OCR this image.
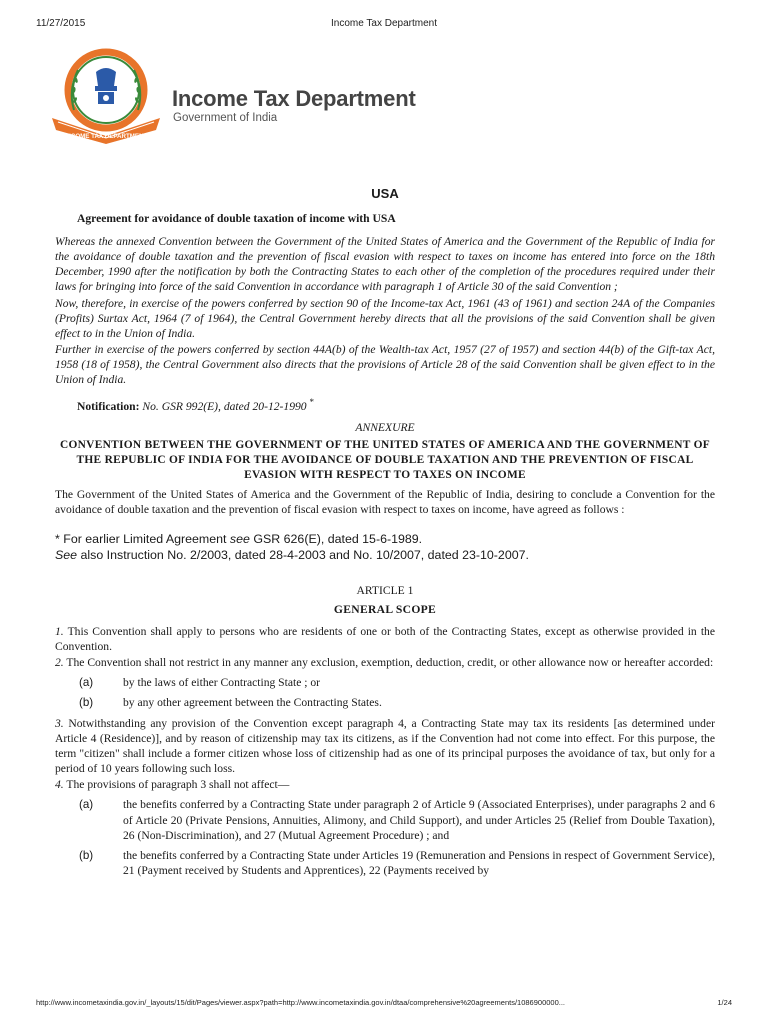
11/27/2015	Income Tax Department
INCOME TAX DEPARTMENT
Income Tax Department
Government of India
USA
Agreement for avoidance of double taxation of income with USA

Whereas the annexed Convention between the Government of the United States of America and the Government of the Republic of India for the avoidance of double taxation and the prevention of fiscal evasion with respect to taxes on income has entered into force on the 18th December, 1990 after the notification by both the Contracting States to each other of the completion of the procedures required under their laws for bringing into force of the said Convention in accordance with paragraph 1 of Article 30 of the said Convention ;

Now, therefore, in exercise of the powers conferred by section 90 of the Income-tax Act, 1961 (43 of 1961) and section 24A of the Companies (Profits) Surtax Act, 1964 (7 of 1964), the Central Government hereby directs that all the provisions of the said Convention shall be given effect to in the Union of India.

Further in exercise of the powers conferred by section 44A(b) of the Wealth-tax Act, 1957 (27 of 1957) and section 44(b) of the Gift-tax Act, 1958 (18 of 1958), the Central Government also directs that the provisions of Article 28 of the said Convention shall be given effect to in the Union of India.

Notification: No. GSR 992(E), dated 20-12-1990 *
ANNEXURE
CONVENTION BETWEEN THE GOVERNMENT OF THE UNITED STATES OF AMERICA AND THE GOVERNMENT OF THE REPUBLIC OF INDIA FOR THE AVOIDANCE OF DOUBLE TAXATION AND THE PREVENTION OF FISCAL EVASION WITH RESPECT TO TAXES ON INCOME

The Government of the United States of America and the Government of the Republic of India, desiring to conclude a Convention for the avoidance of double taxation and the prevention of fiscal evasion with respect to taxes on income, have agreed as follows :

* For earlier Limited Agreement see GSR 626(E), dated 15-6-1989.

See also Instruction No. 2/2003, dated 28-4-2003 and No. 10/2007, dated 23-10-2007.

ARTICLE 1
GENERAL SCOPE

1. This Convention shall apply to persons who are residents of one or both of the Contracting States, except as otherwise provided in the Convention.

2. The Convention shall not restrict in any manner any exclusion, exemption, deduction, credit, or other allowance now or hereafter accorded:

(a)	by the laws of either Contracting State ; or
(b)	by any other agreement between the Contracting States.

3. Notwithstanding any provision of the Convention except paragraph 4, a Contracting State may tax its residents [as determined under Article 4 (Residence)], and by reason of citizenship may tax its citizens, as if the Convention had not come into effect. For this purpose, the term "citizen" shall include a former citizen whose loss of citizenship had as one of its principal purposes the avoidance of tax, but only for a period of 10 years following such loss.

4. The provisions of paragraph 3 shall not affect—

(a)	the benefits conferred by a Contracting State under paragraph 2 of Article 9 (Associated Enterprises), under paragraphs 2 and 6 of Article 20 (Private Pensions, Annuities, Alimony, and Child Support), and under Articles 25 (Relief from Double Taxation), 26 (Non-Discrimination), and 27 (Mutual Agreement Procedure) ; and
(b)	the benefits conferred by a Contracting State under Articles 19 (Remuneration and Pensions in respect of Government Service), 21 (Payment received by Students and Apprentices), 22 (Payments received by
http://www.incometaxindia.gov.in/_layouts/15/dit/Pages/viewer.aspx?path=http://www.incometaxindia.gov.in/dtaa/comprehensive%20agreements/1086900000...	1/24
